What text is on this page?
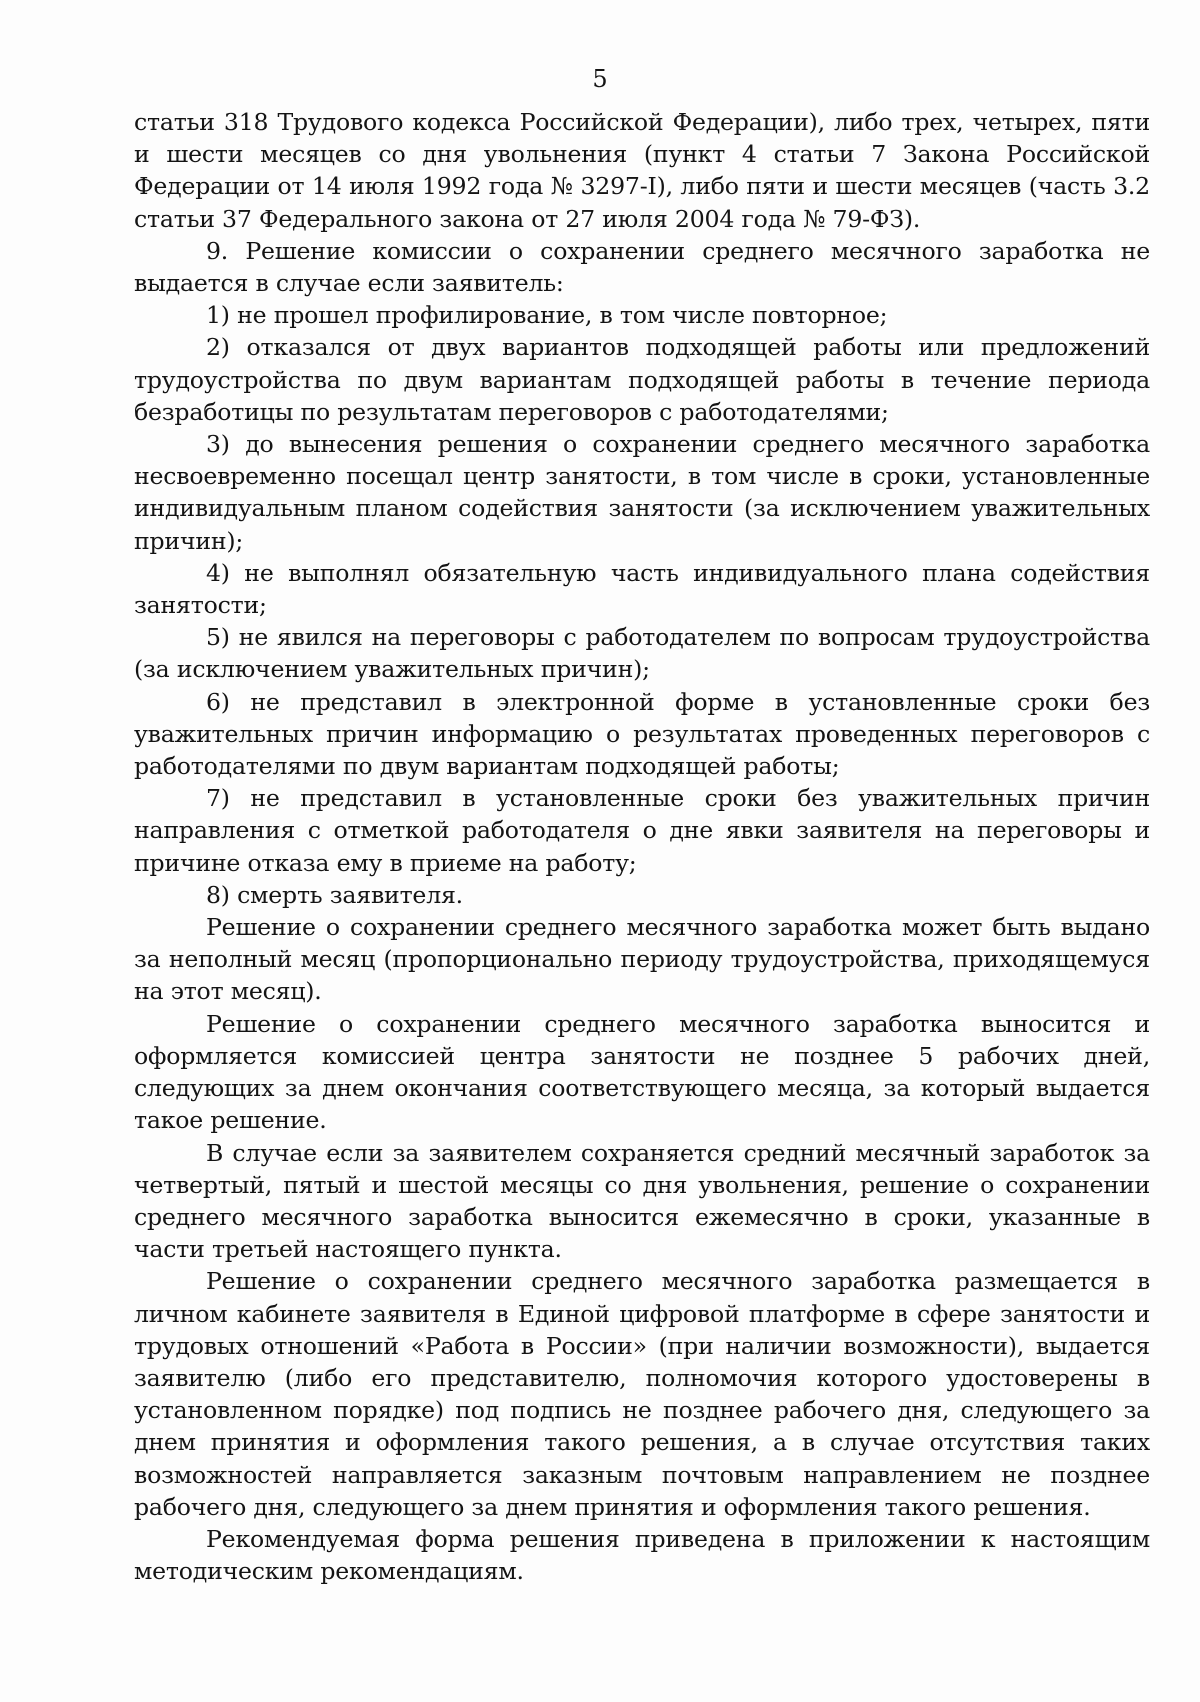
5

статьи 318 Трудового кодекса Российской Федерации), либо трех, четырех, пяти и шести месяцев со дня увольнения (пункт 4 статьи 7 Закона Российской Федерации от 14 июля 1992 года № 3297-I), либо пяти и шести месяцев (часть 3.2 статьи 37 Федерального закона от 27 июля 2004 года № 79-ФЗ).

9. Решение комиссии о сохранении среднего месячного заработка не выдается в случае если заявитель:

1) не прошел профилирование, в том числе повторное;

2) отказался от двух вариантов подходящей работы или предложений трудоустройства по двум вариантам подходящей работы в течение периода безработицы по результатам переговоров с работодателями;

3) до вынесения решения о сохранении среднего месячного заработка несвоевременно посещал центр занятости, в том числе в сроки, установленные индивидуальным планом содействия занятости (за исключением уважительных причин);

4) не выполнял обязательную часть индивидуального плана содействия занятости;

5) не явился на переговоры с работодателем по вопросам трудоустройства (за исключением уважительных причин);

6) не представил в электронной форме в установленные сроки без уважительных причин информацию о результатах проведенных переговоров с работодателями по двум вариантам подходящей работы;

7) не представил в установленные сроки без уважительных причин направления с отметкой работодателя о дне явки заявителя на переговоры и причине отказа ему в приеме на работу;

8) смерть заявителя.

Решение о сохранении среднего месячного заработка может быть выдано за неполный месяц (пропорционально периоду трудоустройства, приходящемуся на этот месяц).

Решение о сохранении среднего месячного заработка выносится и оформляется комиссией центра занятости не позднее 5 рабочих дней, следующих за днем окончания соответствующего месяца, за который выдается такое решение.

В случае если за заявителем сохраняется средний месячный заработок за четвертый, пятый и шестой месяцы со дня увольнения, решение о сохранении среднего месячного заработка выносится ежемесячно в сроки, указанные в части третьей настоящего пункта.

Решение о сохранении среднего месячного заработка размещается в личном кабинете заявителя в Единой цифровой платформе в сфере занятости и трудовых отношений «Работа в России» (при наличии возможности), выдается заявителю (либо его представителю, полномочия которого удостоверены в установленном порядке) под подпись не позднее рабочего дня, следующего за днем принятия и оформления такого решения, а в случае отсутствия таких возможностей направляется заказным почтовым направлением не позднее рабочего дня, следующего за днем принятия и оформления такого решения.

Рекомендуемая форма решения приведена в приложении к настоящим методическим рекомендациям.
